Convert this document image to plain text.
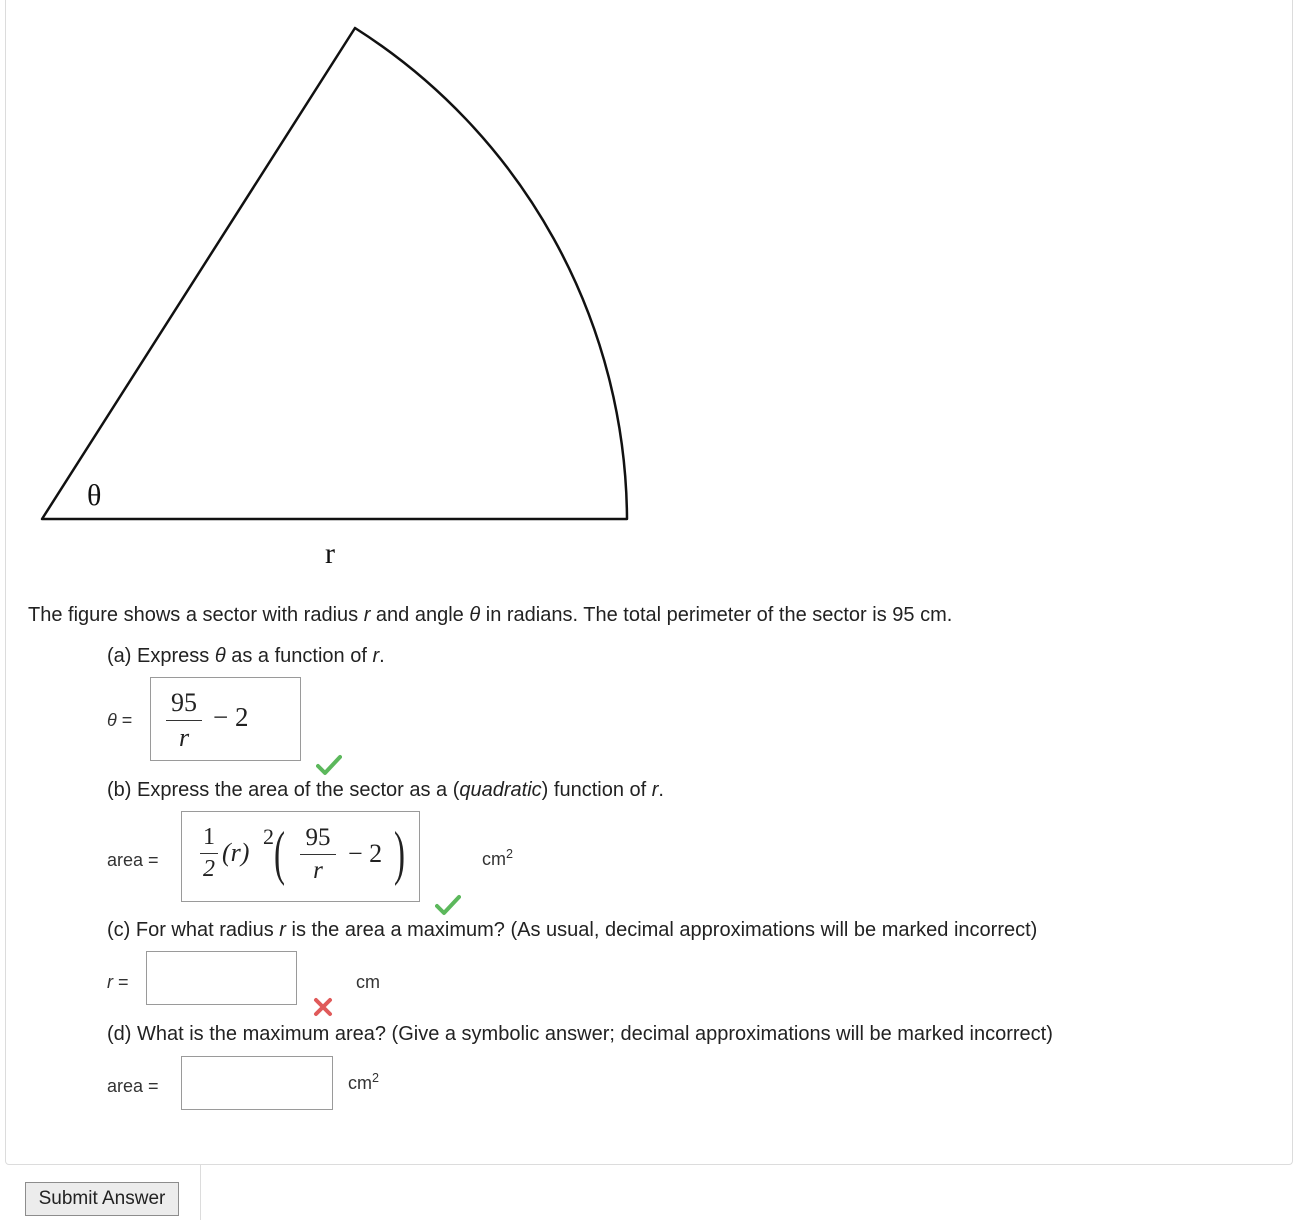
θ
r
The figure shows a sector with radius r and angle θ in radians. The total perimeter of the sector is 95 cm.
(a) Express θ as a function of r.
θ =
95
r
− 2
(b) Express the area of the sector as a (quadratic) function of r.
area =
1
2
(r)
2 ( 95
r
− 2 )	$cm^2$
(c) For what radius r is the area a maximum? (As usual, decimal approximations will be marked incorrect)
r =	cm
(d) What is the maximum area? (Give a symbolic answer; decimal approximations will be marked incorrect)
area =	$cm^2$
Submit Answer
